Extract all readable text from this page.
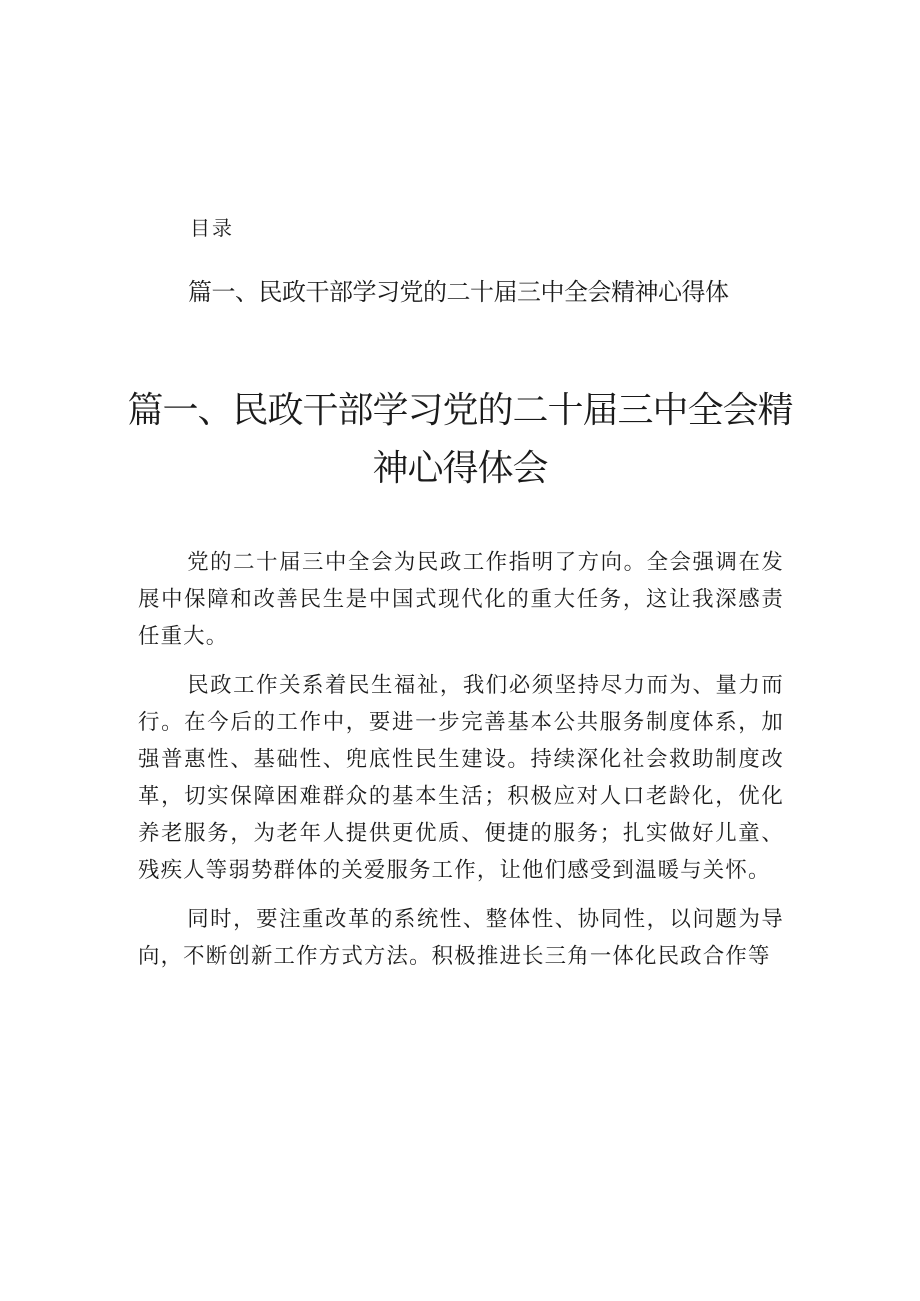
目录
篇一、民政干部学习党的二十届三中全会精神心得体
篇一、民政干部学习党的二十届三中全会精
神心得体会

党的二十届三中全会为民政工作指明了方向。全会强调在发展中保障和改善民生是中国式现代化的重大任务，这让我深感责任重大。

民政工作关系着民生福祉，我们必须坚持尽力而为、量力而行。在今后的工作中，要进一步完善基本公共服务制度体系，加强普惠性、基础性、兜底性民生建设。持续深化社会救助制度改革，切实保障困难群众的基本生活；积极应对人口老龄化，优化养老服务，为老年人提供更优质、便捷的服务；扎实做好儿童、残疾人等弱势群体的关爱服务工作，让他们感受到温暖与关怀。

同时，要注重改革的系统性、整体性、协同性，以问题为导向，不断创新工作方式方法。积极推进长三角一体化民政合作等
